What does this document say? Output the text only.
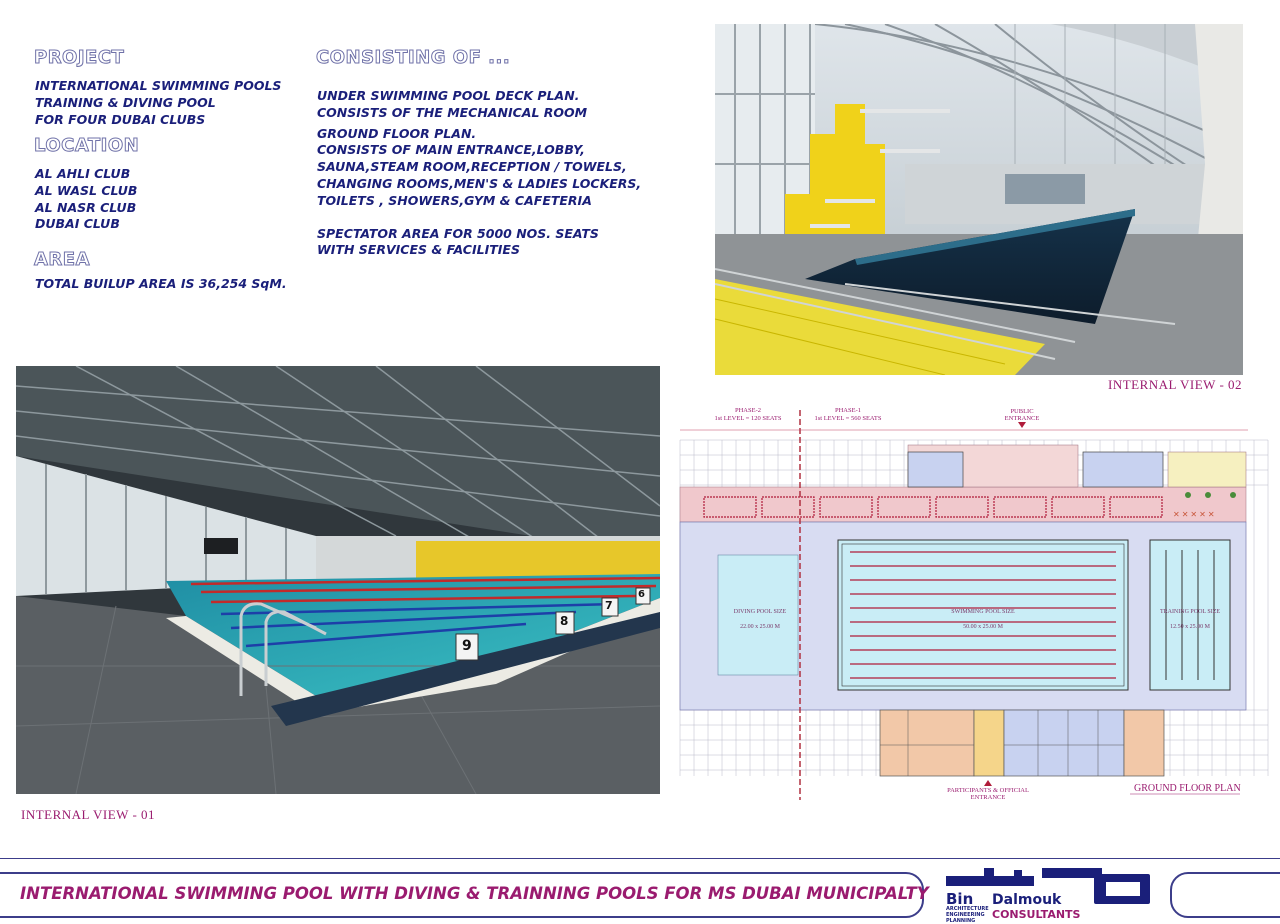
PROJECT
INTERNATIONAL SWIMMING POOLS
TRAINING & DIVING POOL
FOR FOUR DUBAI CLUBS
LOCATION
AL AHLI CLUB
AL WASL CLUB
AL NASR CLUB
DUBAI CLUB
AREA
TOTAL BUILUP AREA IS 36,254 SqM.
CONSISTING OF ...
UNDER SWIMMING POOL DECK PLAN.
CONSISTS OF THE MECHANICAL ROOM
GROUND FLOOR PLAN.
CONSISTS OF MAIN ENTRANCE,LOBBY,
SAUNA,STEAM ROOM,RECEPTION / TOWELS,
CHANGING ROOMS,MEN'S & LADIES LOCKERS,
TOILETS , SHOWERS,GYM & CAFETERIA
SPECTATOR AREA FOR 5000 NOS. SEATS
WITH SERVICES & FACILITIES
INTERNAL VIEW - 02
9
8
7
6
INTERNAL VIEW - 01
✕ ✕ ✕ ✕ ✕
PHASE-2
1st LEVEL = 120 SEATS
PHASE-1
1st LEVEL = 560 SEATS
PUBLIC
ENTRANCE
PARTICIPANTS & OFFICIAL
ENTRANCE
DIVING POOL SIZE
22.00 x 25.00 M
SWIMMING POOL SIZE
50.00 x 25.00 M
TRAINING POOL SIZE
12.50 x 25.00 M
GROUND FLOOR PLAN
INTERNATIONAL SWIMMING POOL WITH DIVING & TRAINNING POOLS FOR MS DUBAI MUNICIPALTY Bin Dalmouk
CONSULTANTS
ARCHITECTURE
ENGINEERING
PLANNING
